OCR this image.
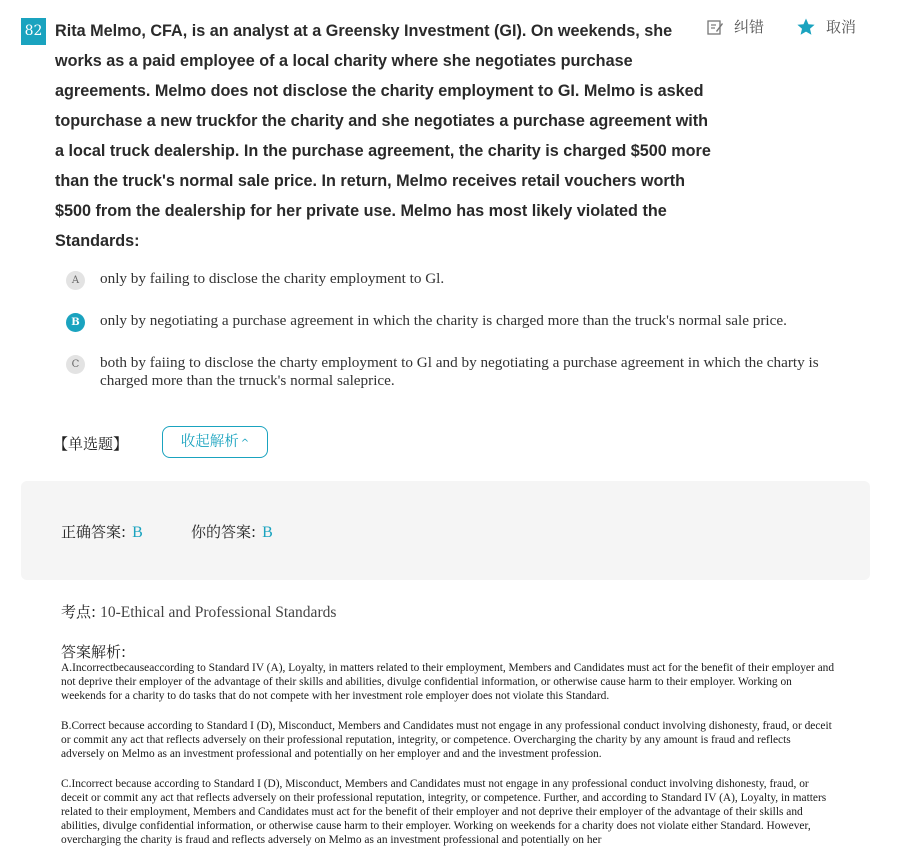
82 Rita Melmo, CFA, is an analyst at a Greensky Investment (GI). On weekends, she works as a paid employee of a local charity where she negotiates purchase agreements. Melmo does not disclose the charity employment to GI. Melmo is asked topurchase a new truckfor the charity and she negotiates a purchase agreement with a local truck dealership. In the purchase agreement, the charity is charged $500 more than the truck's normal sale price. In return, Melmo receives retail vouchers worth $500 from the dealership for her private use. Melmo has most likely violated the Standards:

纠错	取消
A	only by failing to disclose the charity employment to Gl.
B	only by negotiating a purchase agreement in which the charity is charged more than the truck's normal sale price.
C	both by faiing to disclose the charty employment to Gl and by negotiating a purchase agreement in which the charty is charged more than the trnuck's normal saleprice.
【单选题】	收起解析 ^
正确答案: B	你的答案: B
考点: 10-Ethical and Professional Standards
答案解析:

A.Incorrectbecauseaccording to Standard IV (A), Loyalty, in matters related to their employment, Members and Candidates must act for the benefit of their employer and not deprive their employer of the advantage of their skills and abilities, divulge confidential information, or otherwise cause harm to their employer. Working on weekends for a charity to do tasks that do not compete with her investment role employer does not violate this Standard.

B.Correct because according to Standard I (D), Misconduct, Members and Candidates must not engage in any professional conduct involving dishonesty, fraud, or deceit or commit any act that reflects adversely on their professional reputation, integrity, or competence. Overcharging the charity by any amount is fraud and reflects adversely on Melmo as an investment professional and potentially on her employer and and the investment profession.

C.Incorrect because according to Standard I (D), Misconduct, Members and Candidates must not engage in any professional conduct involving dishonesty, fraud, or deceit or commit any act that reflects adversely on their professional reputation, integrity, or competence. Further, and according to Standard IV (A), Loyalty, in matters related to their employment, Members and Candidates must act for the benefit of their employer and not deprive their employer of the advantage of their skills and abilities, divulge confidential information, or otherwise cause harm to their employer. Working on weekends for a charity does not violate either Standard. However, overcharging the charity is fraud and reflects adversely on Melmo as an investment professional and potentially on her
